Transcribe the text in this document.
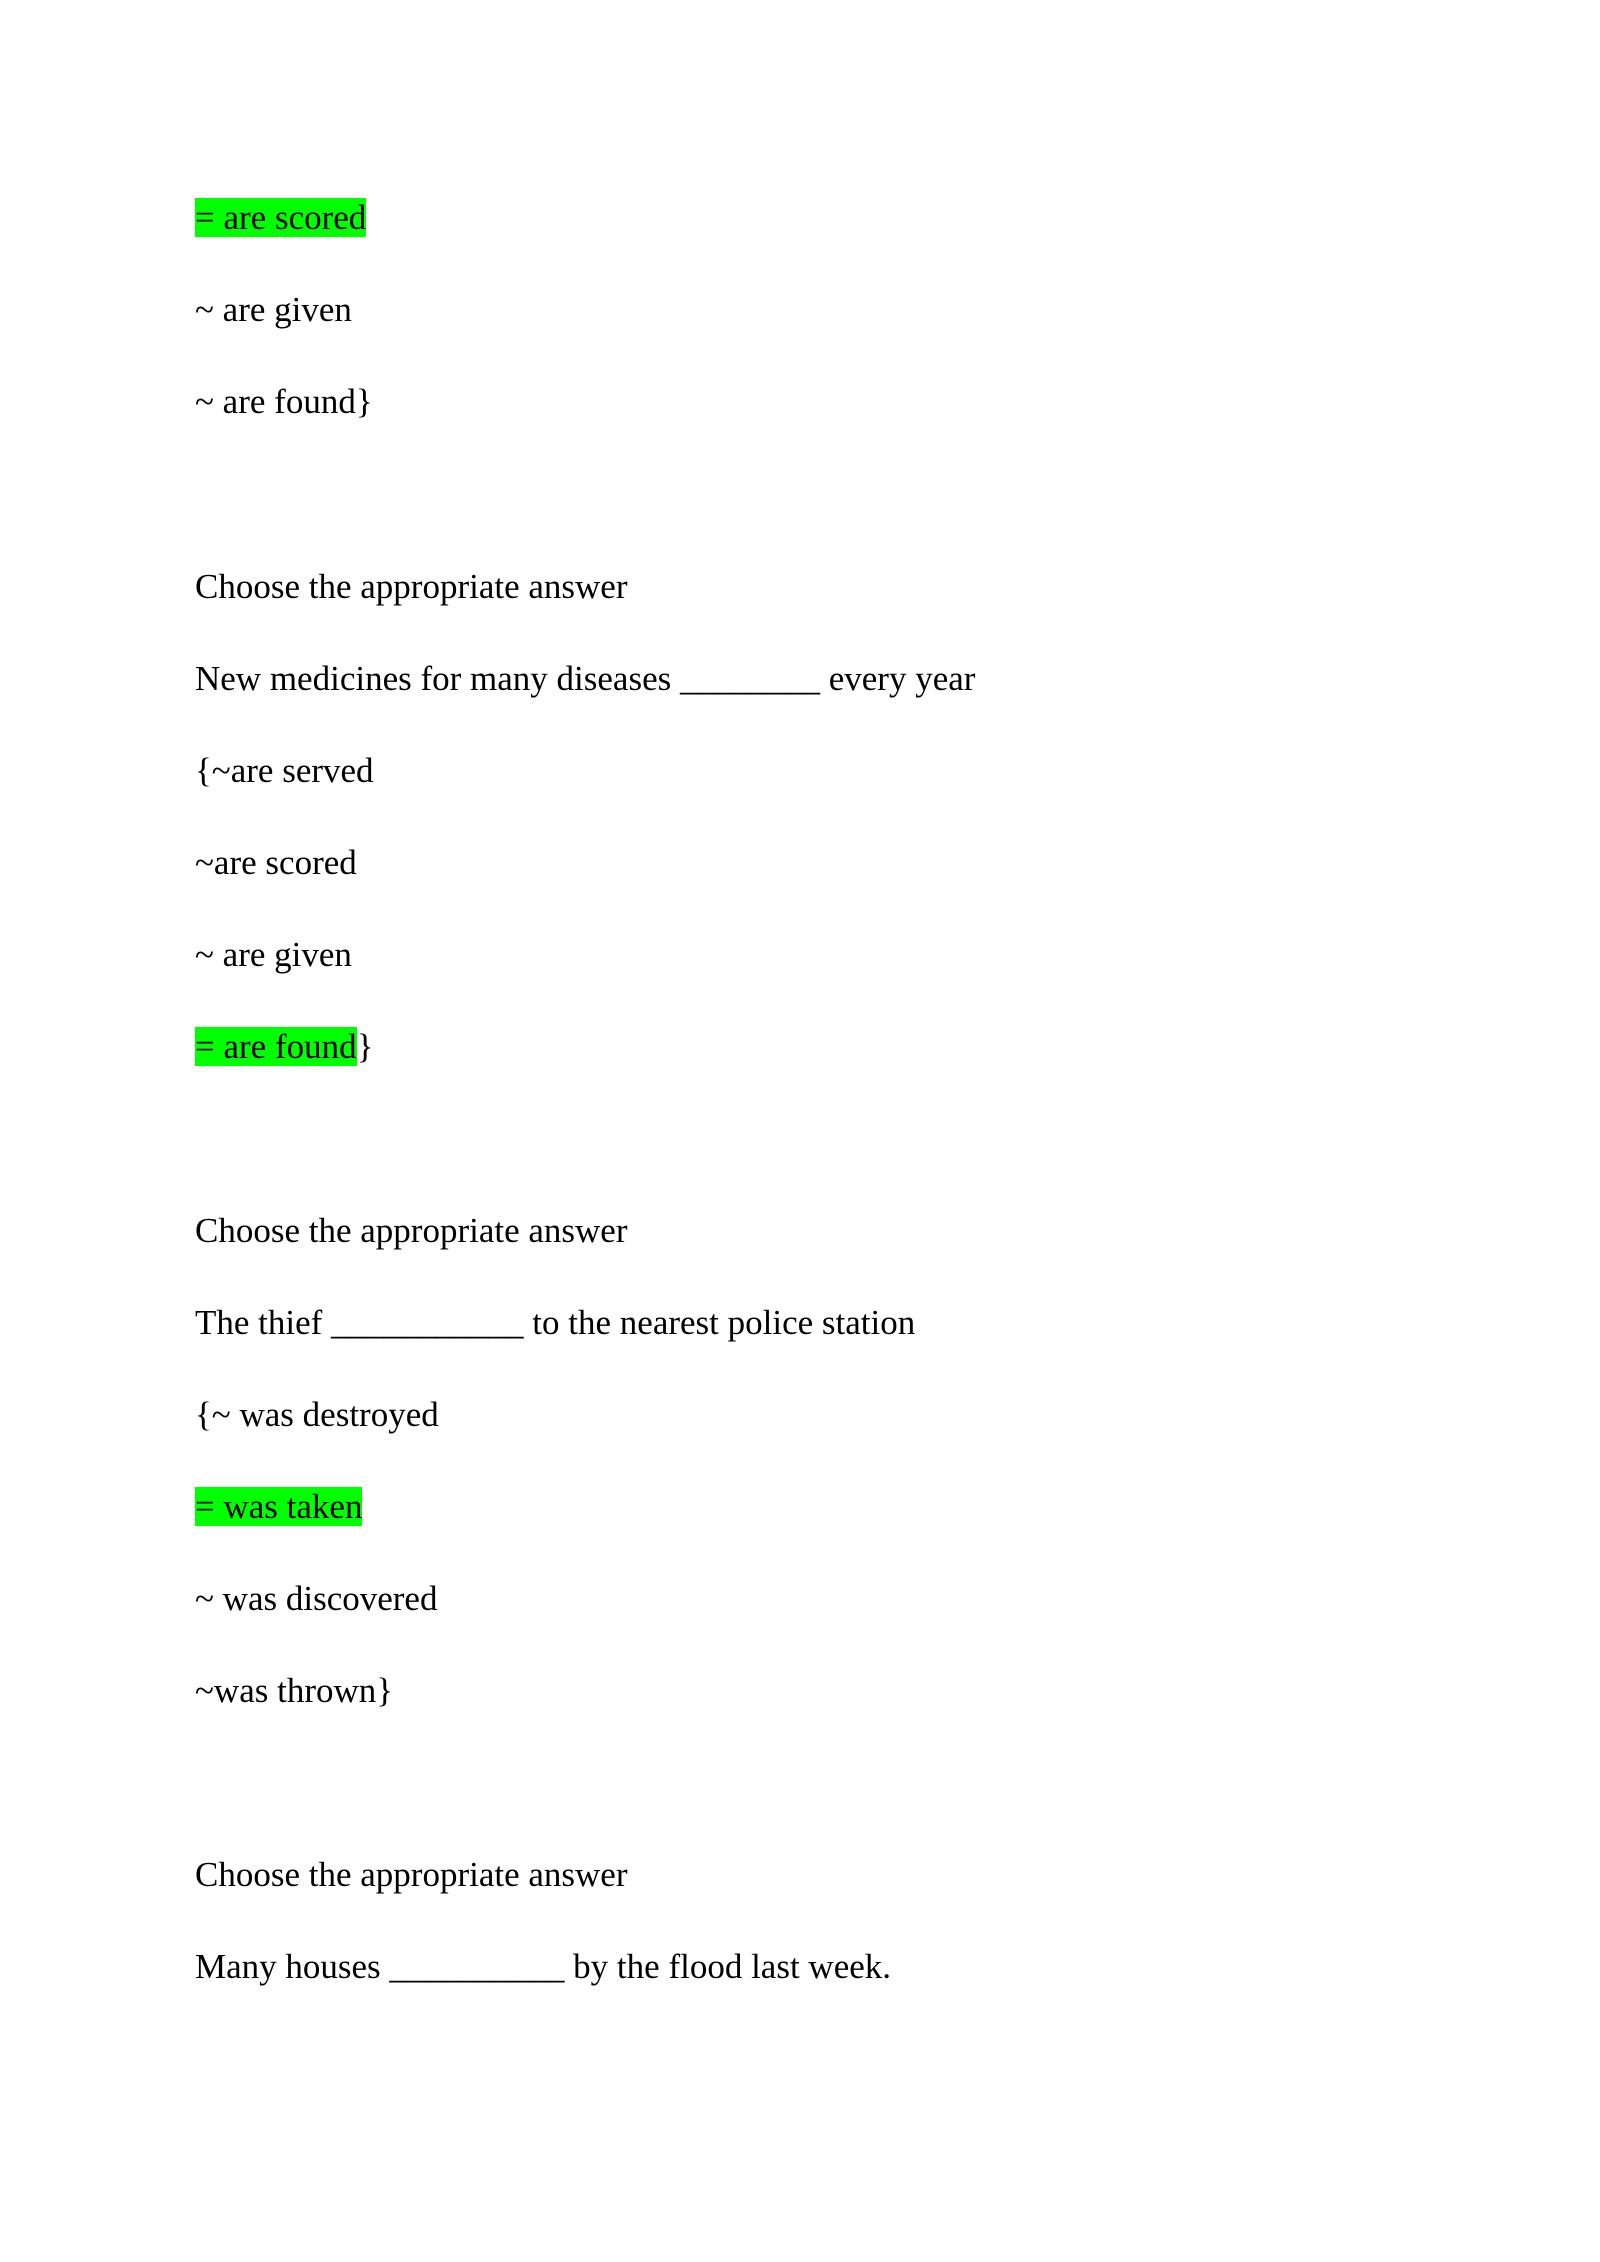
= are scored
~ are given
~ are found}
Choose the appropriate answer
New medicines for many diseases ________ every year
{~are served
~are scored
~ are given
= are found}
Choose the appropriate answer
The thief ___________ to the nearest police station
{~ was destroyed
= was taken
~ was discovered
~was thrown}
Choose the appropriate answer
Many houses __________ by the flood last week.
